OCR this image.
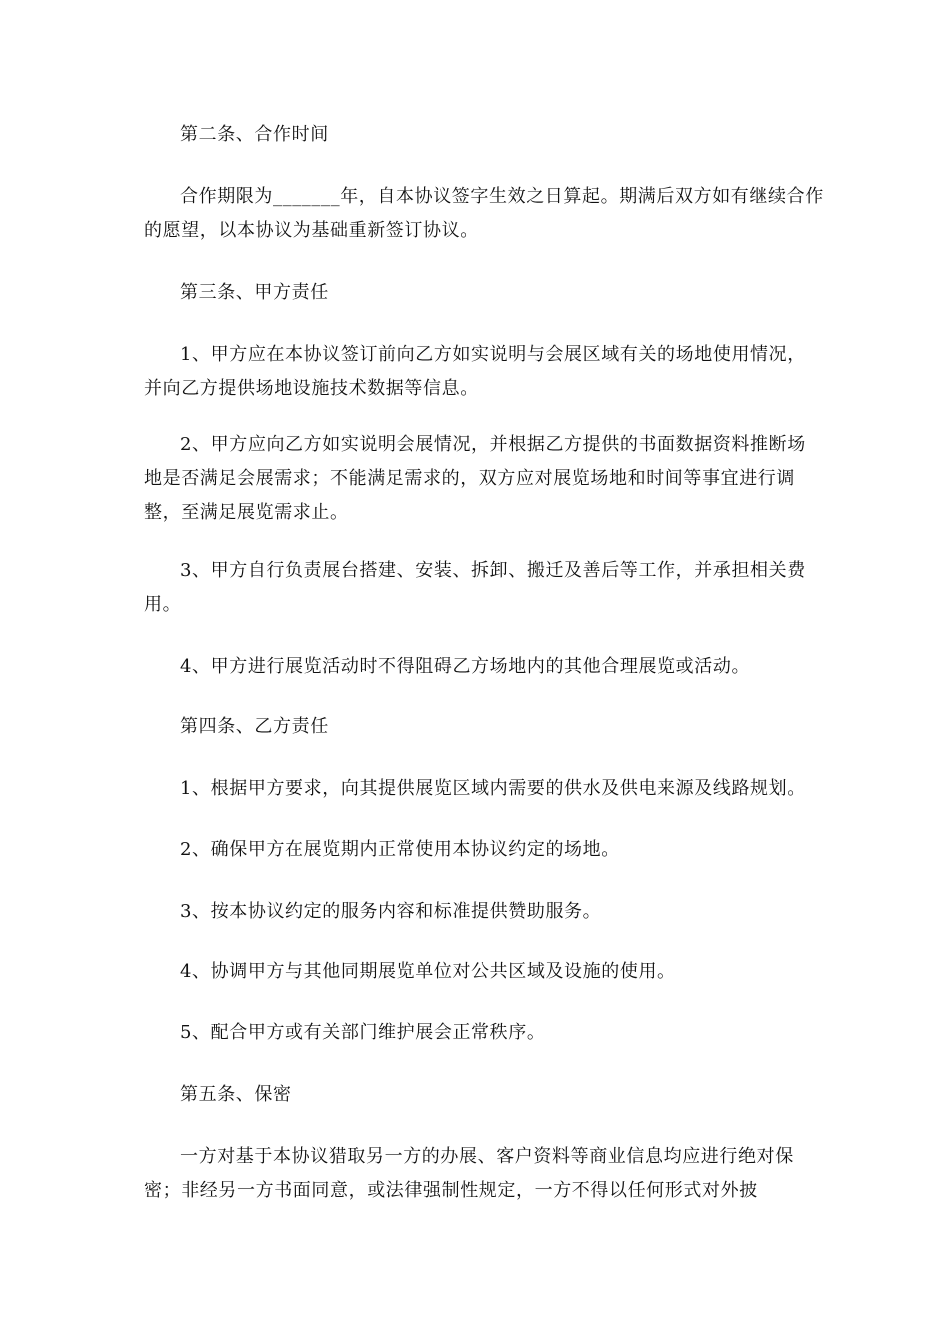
第二条、合作时间

合作期限为_______年，自本协议签字生效之日算起。期满后双方如有继续合作的愿望，以本协议为基础重新签订协议。

第三条、甲方责任

1、甲方应在本协议签订前向乙方如实说明与会展区域有关的场地使用情况，并向乙方提供场地设施技术数据等信息。

2、甲方应向乙方如实说明会展情况，并根据乙方提供的书面数据资料推断场地是否满足会展需求；不能满足需求的，双方应对展览场地和时间等事宜进行调整，至满足展览需求止。

3、甲方自行负责展台搭建、安装、拆卸、搬迁及善后等工作，并承担相关费用。

4、甲方进行展览活动时不得阻碍乙方场地内的其他合理展览或活动。

第四条、乙方责任

1、根据甲方要求，向其提供展览区域内需要的供水及供电来源及线路规划。

2、确保甲方在展览期内正常使用本协议约定的场地。

3、按本协议约定的服务内容和标准提供赞助服务。

4、协调甲方与其他同期展览单位对公共区域及设施的使用。

5、配合甲方或有关部门维护展会正常秩序。

第五条、保密

一方对基于本协议猎取另一方的办展、客户资料等商业信息均应进行绝对保密；非经另一方书面同意，或法律强制性规定，一方不得以任何形式对外披
